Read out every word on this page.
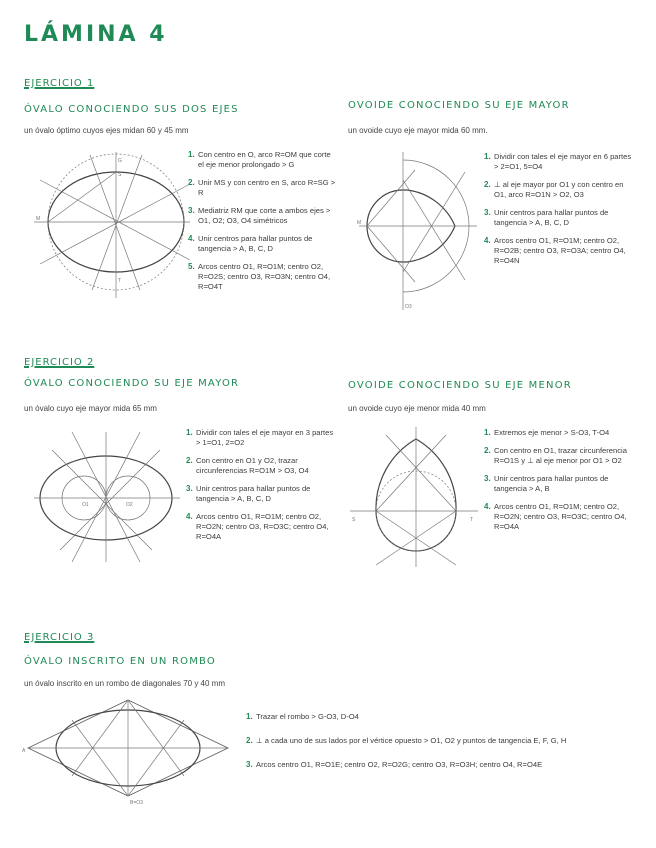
LÁMINA 4
EJERCICIO 1
ÓVALO CONOCIENDO SUS DOS EJES
un óvalo óptimo cuyos ejes midan 60 y 45 mm
M
G
S
T
1. Con centro en O, arco R=OM que corte el eje menor prolongado > G
2. Unir MS y con centro en S, arco R=SG > R
3. Mediatriz RM que corte a ambos ejes > O1, O2; O3, O4 simétricos
4. Unir centros para hallar puntos de tangencia > A, B, C, D
5. Arcos centro O1, R=O1M; centro O2, R=O2S; centro O3, R=O3N; centro O4, R=O4T
OVOIDE CONOCIENDO SU EJE MAYOR
un ovoide cuyo eje mayor mida 60 mm.
M
O3
1. Dividir con tales el eje mayor en 6 partes > 2=O1, 5=O4
2. ⊥ al eje mayor por O1 y con centro en O1, arco R=O1N > O2, O3
3. Unir centros para hallar puntos de tangencia > A, B, C, D
4. Arcos centro O1, R=O1M; centro O2, R=O2B; centro O3, R=O3A; centro O4, R=O4N
EJERCICIO 2
ÓVALO CONOCIENDO SU EJE MAYOR
un óvalo cuyo eje mayor mida 65 mm
O1	O2
1. Dividir con tales el eje mayor en 3 partes > 1=O1, 2=O2
2. Con centro en O1 y O2, trazar circunferencias R=O1M > O3, O4
3. Unir centros para hallar puntos de tangencia > A, B, C, D
4. Arcos centro O1, R=O1M; centro O2, R=O2N; centro O3, R=O3C; centro O4, R=O4A
OVOIDE CONOCIENDO SU EJE MENOR
un ovoide cuyo eje menor mida 40 mm
S	T
1. Extremos eje menor > S-O3, T-O4
2. Con centro en O1, trazar circunferencia R=O1S y ⊥ al eje menor por O1 > O2
3. Unir centros para hallar puntos de tangencia > A, B
4. Arcos centro O1, R=O1M; centro O2, R=O2N; centro O3, R=O3C; centro O4, R=O4A
EJERCICIO 3
ÓVALO INSCRITO EN UN ROMBO
un óvalo inscrito en un rombo de diagonales 70 y 40 mm
A
B=O3
1. Trazar el rombo > G-O3, D-O4
2. ⊥ a cada uno de sus lados por el vértice opuesto > O1, O2 y puntos de tangencia E, F, G, H
3. Arcos centro O1, R=O1E; centro O2, R=O2G; centro O3, R=O3H; centro O4, R=O4E
